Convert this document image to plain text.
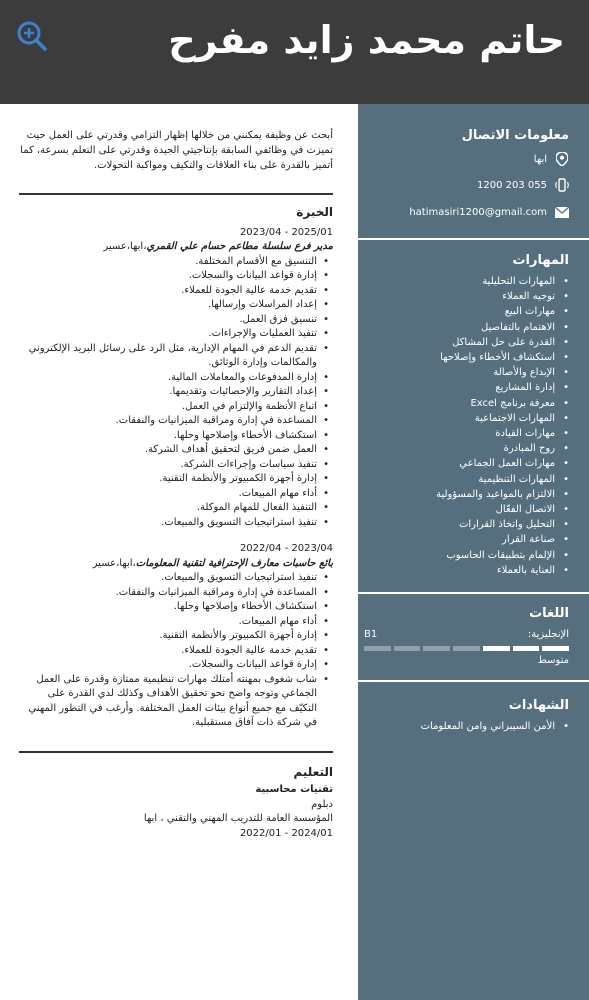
حاتم محمد زايد مفرح
معلومات الاتصال
ابها
1200 203 055
hatimasiri1200@gmail.com
المهارات
• المهارات التحليلية
• توجيه العملاء
• مهارات البيع
• الاهتمام بالتفاصيل
• القدرة على حل المشاكل
• استكشاف الأخطاء وإصلاحها
• الإبداع والأصالة
• إدارة المشاريع
• معرفة برنامج Excel
• المهارات الاجتماعية
• مهارات القيادة
• روح المبادرة
• مهارات العمل الجماعي
• المهارات التنظيمية
• الالتزام بالمواعيد والمسؤولية
• الاتصال الفعّال
• التحليل واتخاذ القرارات
• صناعة القرار
• الإلمام بتطبيقات الحاسوب
• العناية بالعملاء
اللغات
الإنجليزية:
B1
متوسط
الشهادات
• الأمن السيبراني وامن المعلومات

أبحث عن وظيفة يمكنني من خلالها إظهار التزامي وقدرتي على العمل حيث تميزت في وظائفي السابقة بإنتاجيتي الجيدة وقدرتي على التعلم بسرعة، كما أتميز بالقدرة على بناء العلاقات والتكيف ومواكبة التحولات.

الخبرة
2023/04 - 2025/01
مدير فرع سلسلة مطاعم حسام علي القمري،ابها،عسير
• التنسيق مع الأقسام المختلفة.
• إدارة قواعد البيانات والسجلات.
• تقديم خدمة عالية الجودة للعملاء.
• إعداد المراسلات وإرسالها.
• تنسيق فرق العمل.
• تنفيذ العمليات والإجراءات.
• تقديم الدعم في المهام الإدارية، مثل الرد على رسائل البريد الإلكتروني والمكالمات وإدارة الوثائق.
• إدارة المدفوعات والمعاملات المالية.
• إعداد التقارير والإحصائيات وتقديمها.
• اتباع الأنظمة والإلتزام في العمل.
• المساعدة في إدارة ومراقبة الميزانيات والنفقات.
• استكشاف الأخطاء وإصلاحها وحلها.
• العمل ضمن فريق لتحقيق أهداف الشركة.
• تنفيذ سياسات وإجراءات الشركة.
• إدارة أجهزة الكمبيوتر والأنظمة التقنية.
• أداء مهام المبيعات.
• التنفيذ الفعال للمهام الموكلة.
• تنفيذ استراتيجيات التسويق والمبيعات.
2022/04 - 2023/04
بائع حاسبات معارف الإحترافية لتقنية المعلومات،ابها،عسير
• تنفيذ استراتيجيات التسويق والمبيعات.
• المساعدة في إدارة ومراقبة الميزانيات والنفقات.
• استكشاف الأخطاء وإصلاحها وحلها.
• أداء مهام المبيعات.
• إدارة أجهزة الكمبيوتر والأنظمة التقنية.
• تقديم خدمة عالية الجودة للعملاء.
• إدارة قواعد البيانات والسجلات.
• شاب شغوف بمهنته أمتلك مهارات تنظيمية ممتازة وقدرة على العمل الجماعي وتوجه واضح نحو تحقيق الأهداف وكذلك لدي القدرة على التكيّف مع جميع أنواع بيئات العمل المختلفة. وأرغب في التطور المهني في شركة ذات آفاق مستقبلية.
التعليم
تقنيات محاسبية
دبلوم
المؤسسة العامة للتدريب المهني والتقني ، ابها
2022/01 - 2024/01
